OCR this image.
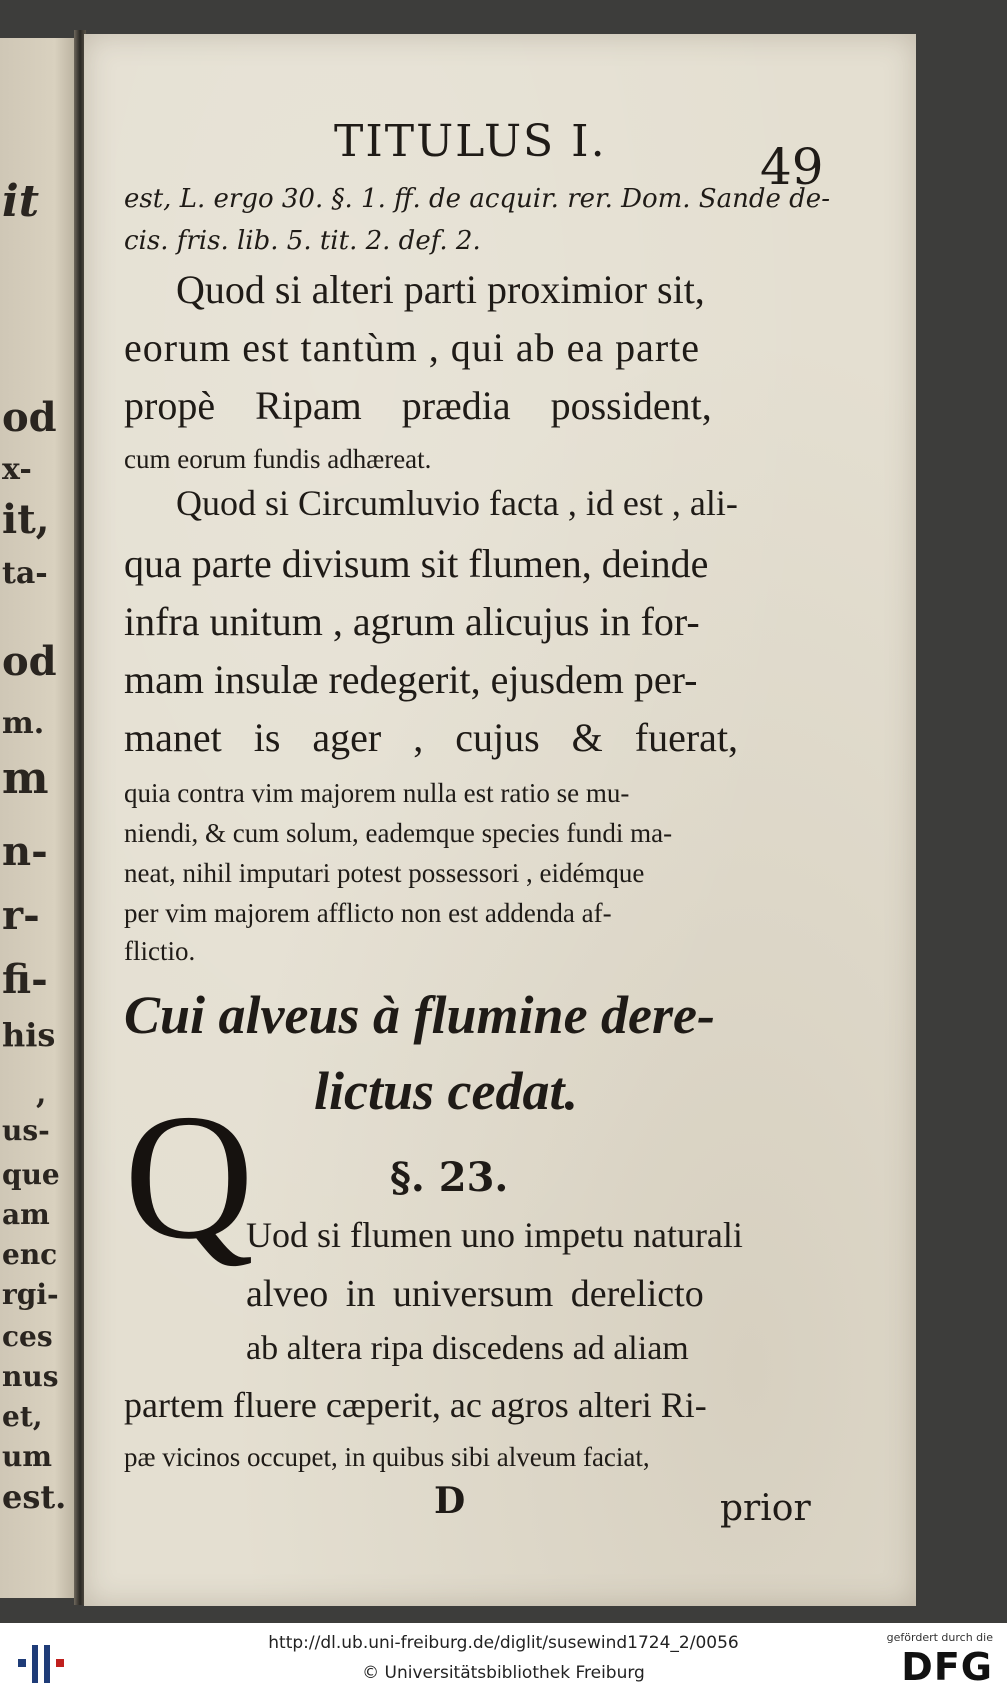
it
od
x-
it,
ta-
od
m.
m
n-
r-
fi-
his
,
us-
que
am
enc
rgi-
ces
nus
et,
um
est.
TITULUS I.	49
est, L. ergo 30. §. 1. ff. de acquir. rer. Dom. Sande de-
cis. fris. lib. 5. tit. 2. def. 2.
Quod si alteri parti proximior sit,
eorum est tantùm , qui ab ea parte
propè Ripam prædia possident,
cum eorum fundis adhæreat.
Quod si Circumluvio facta , id est , ali-
qua parte divisum sit flumen, deinde
infra unitum , agrum alicujus in for-
mam insulæ redegerit, ejusdem per-
manet is ager , cujus & fuerat,
quia contra vim majorem nulla est ratio se mu-
niendi, & cum solum, eademque species fundi ma-
neat, nihil imputari potest possessori , eidémque
per vim majorem afflicto non est addenda af-
flictio.
Cui alveus à flumine dere-
lictus cedat.
§. 23.
Q
Uod si flumen uno impetu naturali
alveo in universum derelicto
ab altera ripa discedens ad aliam
partem fluere cæperit, ac agros alteri Ri-
pæ vicinos occupet, in quibus sibi alveum faciat,
D	prior
http://dl.ub.uni-freiburg.de/diglit/susewind1724_2/0056
© Universitätsbibliothek Freiburg
gefördert durch die
DFG
